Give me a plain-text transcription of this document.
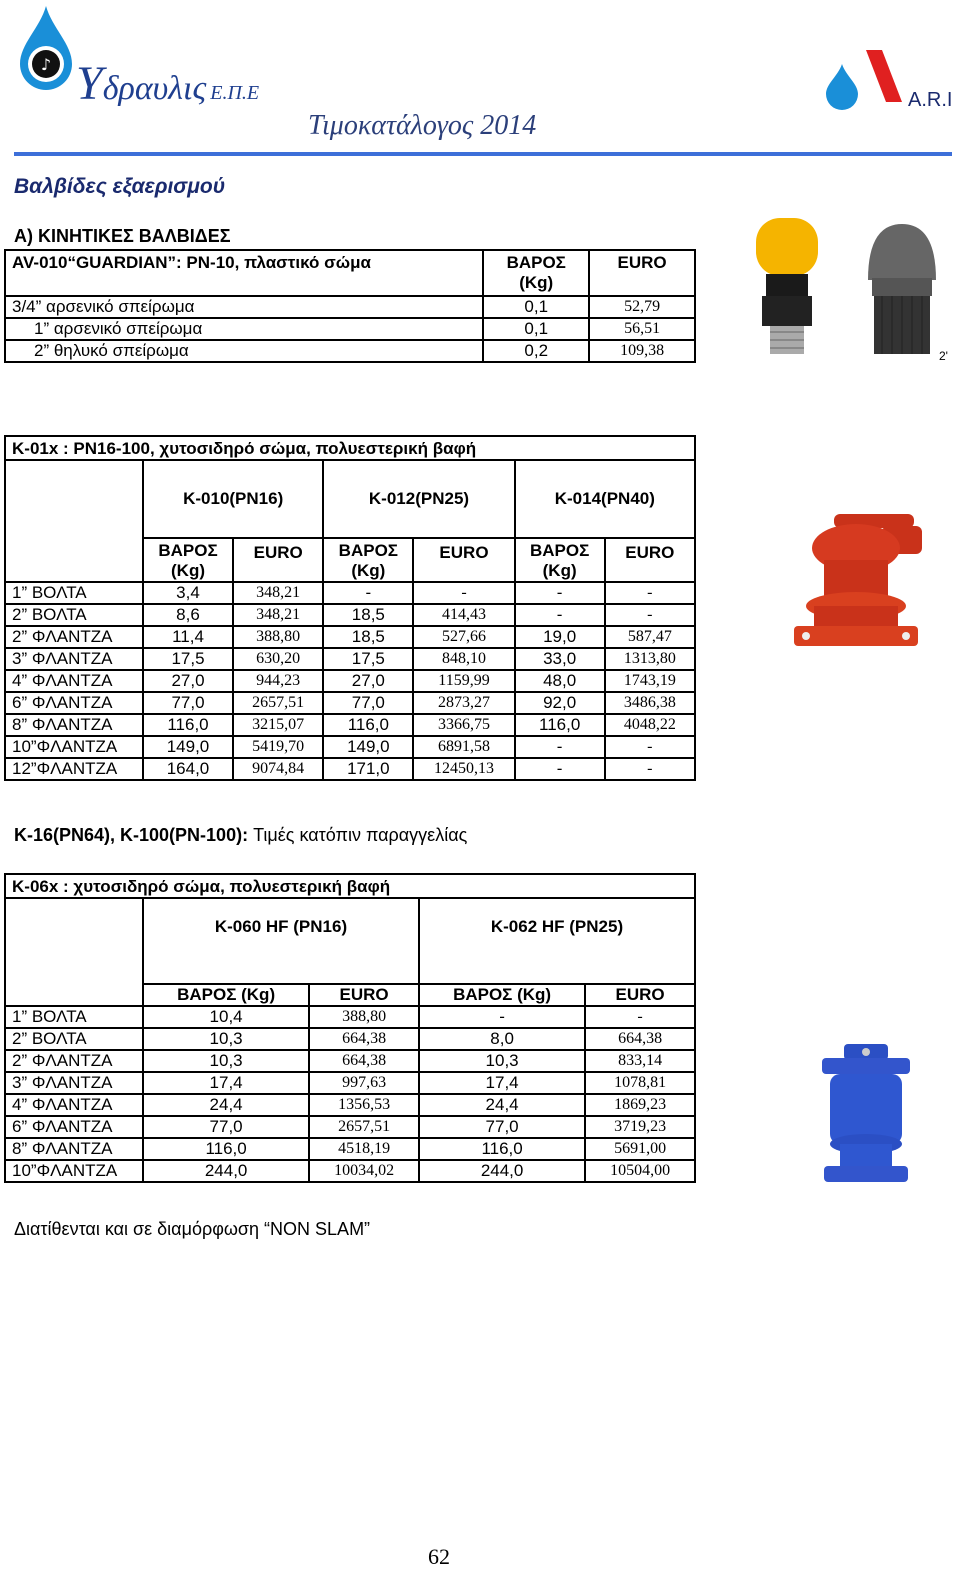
♪ Υδραυλις Ε.Π.Ε
Τιμοκατάλογος 2014
A.R.I
Βαλβίδες εξαερισμού
Α) ΚΙΝΗΤΙΚΕΣ ΒΑΛΒΙΔΕΣ
AV-010“GUARDIAN”: PN-10, πλαστικό σώμα	ΒΑΡΟΣ (Kg)	EURO
3/4” αρσενικό σπείρωμα	0,1	52,79
1” αρσενικό σπείρωμα	0,1	56,51
2” θηλυκό σπείρωμα	0,2	109,38	2'
Κ-01x : PN16-100, χυτοσιδηρό σώμα, πολυεστερική βαφή						
	K-010(PN16)		K-012(PN25)		K-014(PN40)	
	ΒΑΡΟΣ (Kg)	EURO	ΒΑΡΟΣ (Kg)	EURO	ΒΑΡΟΣ (Kg)	EURO
1” ΒΟΛΤΑ	3,4	348,21	-	-	-	-
2” ΒΟΛΤΑ	8,6	348,21	18,5	414,43	-	-
2” ΦΛΑΝΤΖΑ	11,4	388,80	18,5	527,66	19,0	587,47
3” ΦΛΑΝΤΖΑ	17,5	630,20	17,5	848,10	33,0	1313,80
4” ΦΛΑΝΤΖΑ	27,0	944,23	27,0	1159,99	48,0	1743,19
6” ΦΛΑΝΤΖΑ	77,0	2657,51	77,0	2873,27	92,0	3486,38
8” ΦΛΑΝΤΖΑ	116,0	3215,07	116,0	3366,75	116,0	4048,22
10”ΦΛΑΝΤΖΑ	149,0	5419,70	149,0	6891,58	-	-
12”ΦΛΑΝΤΖΑ	164,0	9074,84	171,0	12450,13	-	-
K-16(PN64), K-100(PN-100): Τιμές κατόπιν παραγγελίας
Κ-06x : χυτοσιδηρό σώμα, πολυεστερική βαφή				
	K-060 HF (PN16)		K-062 HF (PN25)	
	ΒΑΡΟΣ (Kg)	EURO	ΒΑΡΟΣ (Kg)	EURO
1” ΒΟΛΤΑ	10,4	388,80	-	-
2” ΒΟΛΤΑ	10,3	664,38	8,0	664,38
2” ΦΛΑΝΤΖΑ	10,3	664,38	10,3	833,14
3” ΦΛΑΝΤΖΑ	17,4	997,63	17,4	1078,81
4” ΦΛΑΝΤΖΑ	24,4	1356,53	24,4	1869,23
6” ΦΛΑΝΤΖΑ	77,0	2657,51	77,0	3719,23
8” ΦΛΑΝΤΖΑ	116,0	4518,19	116,0	5691,00
10”ΦΛΑΝΤΖΑ	244,0	10034,02	244,0	10504,00
Διατίθενται και σε διαμόρφωση “NON SLAM”
62
